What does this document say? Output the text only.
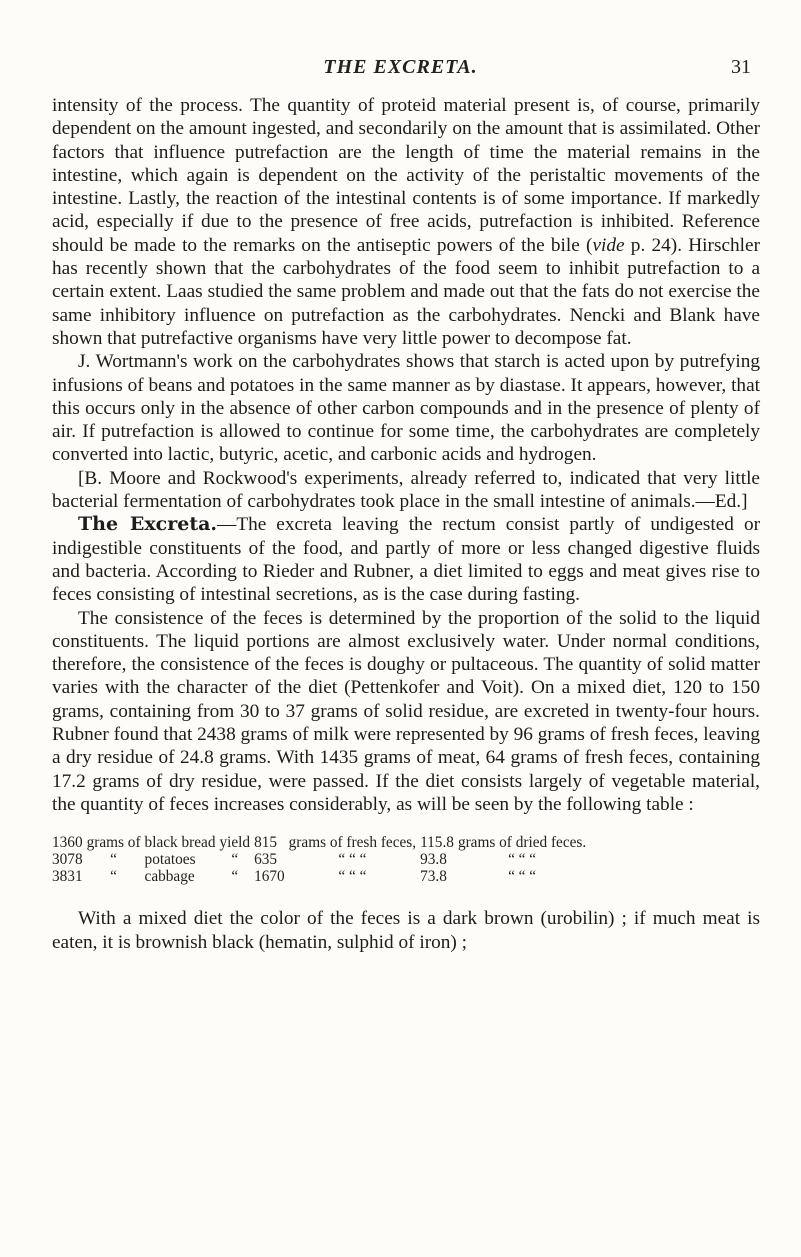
THE EXCRETA.	31

intensity of the process. The quantity of proteid material present is, of course, primarily dependent on the amount ingested, and secondarily on the amount that is assimilated. Other factors that influence putrefaction are the length of time the material remains in the intestine, which again is dependent on the activity of the peristaltic movements of the intestine. Lastly, the reaction of the intestinal contents is of some importance. If markedly acid, especially if due to the presence of free acids, putrefaction is inhibited. Reference should be made to the remarks on the antiseptic powers of the bile (vide p. 24). Hirschler has recently shown that the carbohydrates of the food seem to inhibit putrefaction to a certain extent. Laas studied the same problem and made out that the fats do not exercise the same inhibitory influence on putrefaction as the carbohydrates. Nencki and Blank have shown that putrefactive organisms have very little power to decompose fat.

J. Wortmann's work on the carbohydrates shows that starch is acted upon by putrefying infusions of beans and potatoes in the same manner as by diastase. It appears, however, that this occurs only in the absence of other carbon compounds and in the presence of plenty of air. If putrefaction is allowed to continue for some time, the carbohydrates are completely converted into lactic, butyric, acetic, and carbonic acids and hydrogen.

[B. Moore and Rockwood's experiments, already referred to, indicated that very little bacterial fermentation of carbohydrates took place in the small intestine of animals.—Ed.]

The Excreta.—The excreta leaving the rectum consist partly of undigested or indigestible constituents of the food, and partly of more or less changed digestive fluids and bacteria. According to Rieder and Rubner, a diet limited to eggs and meat gives rise to feces consisting of intestinal secretions, as is the case during fasting.

The consistence of the feces is determined by the proportion of the solid to the liquid constituents. The liquid portions are almost exclusively water. Under normal conditions, therefore, the consistence of the feces is doughy or pultaceous. The quantity of solid matter varies with the character of the diet (Pettenkofer and Voit). On a mixed diet, 120 to 150 grams, containing from 30 to 37 grams of solid residue, are excreted in twenty-four hours. Rubner found that 2438 grams of milk were represented by 96 grams of fresh feces, leaving a dry residue of 24.8 grams. With 1435 grams of meat, 64 grams of fresh feces, containing 17.2 grams of dry residue, were passed. If the diet consists largely of vegetable material, the quantity of feces increases considerably, as will be seen by the following table :

1360	grams of	black bread	yield	815	grams of fresh feces,	115.8	grams of dried feces.
3078	“	potatoes	“	635	“ “ “	93.8	“ “ “
3831	“	cabbage	“	1670	“ “ “	73.8	“ “ “

With a mixed diet the color of the feces is a dark brown (urobilin) ; if much meat is eaten, it is brownish black (hematin, sulphid of iron) ;
